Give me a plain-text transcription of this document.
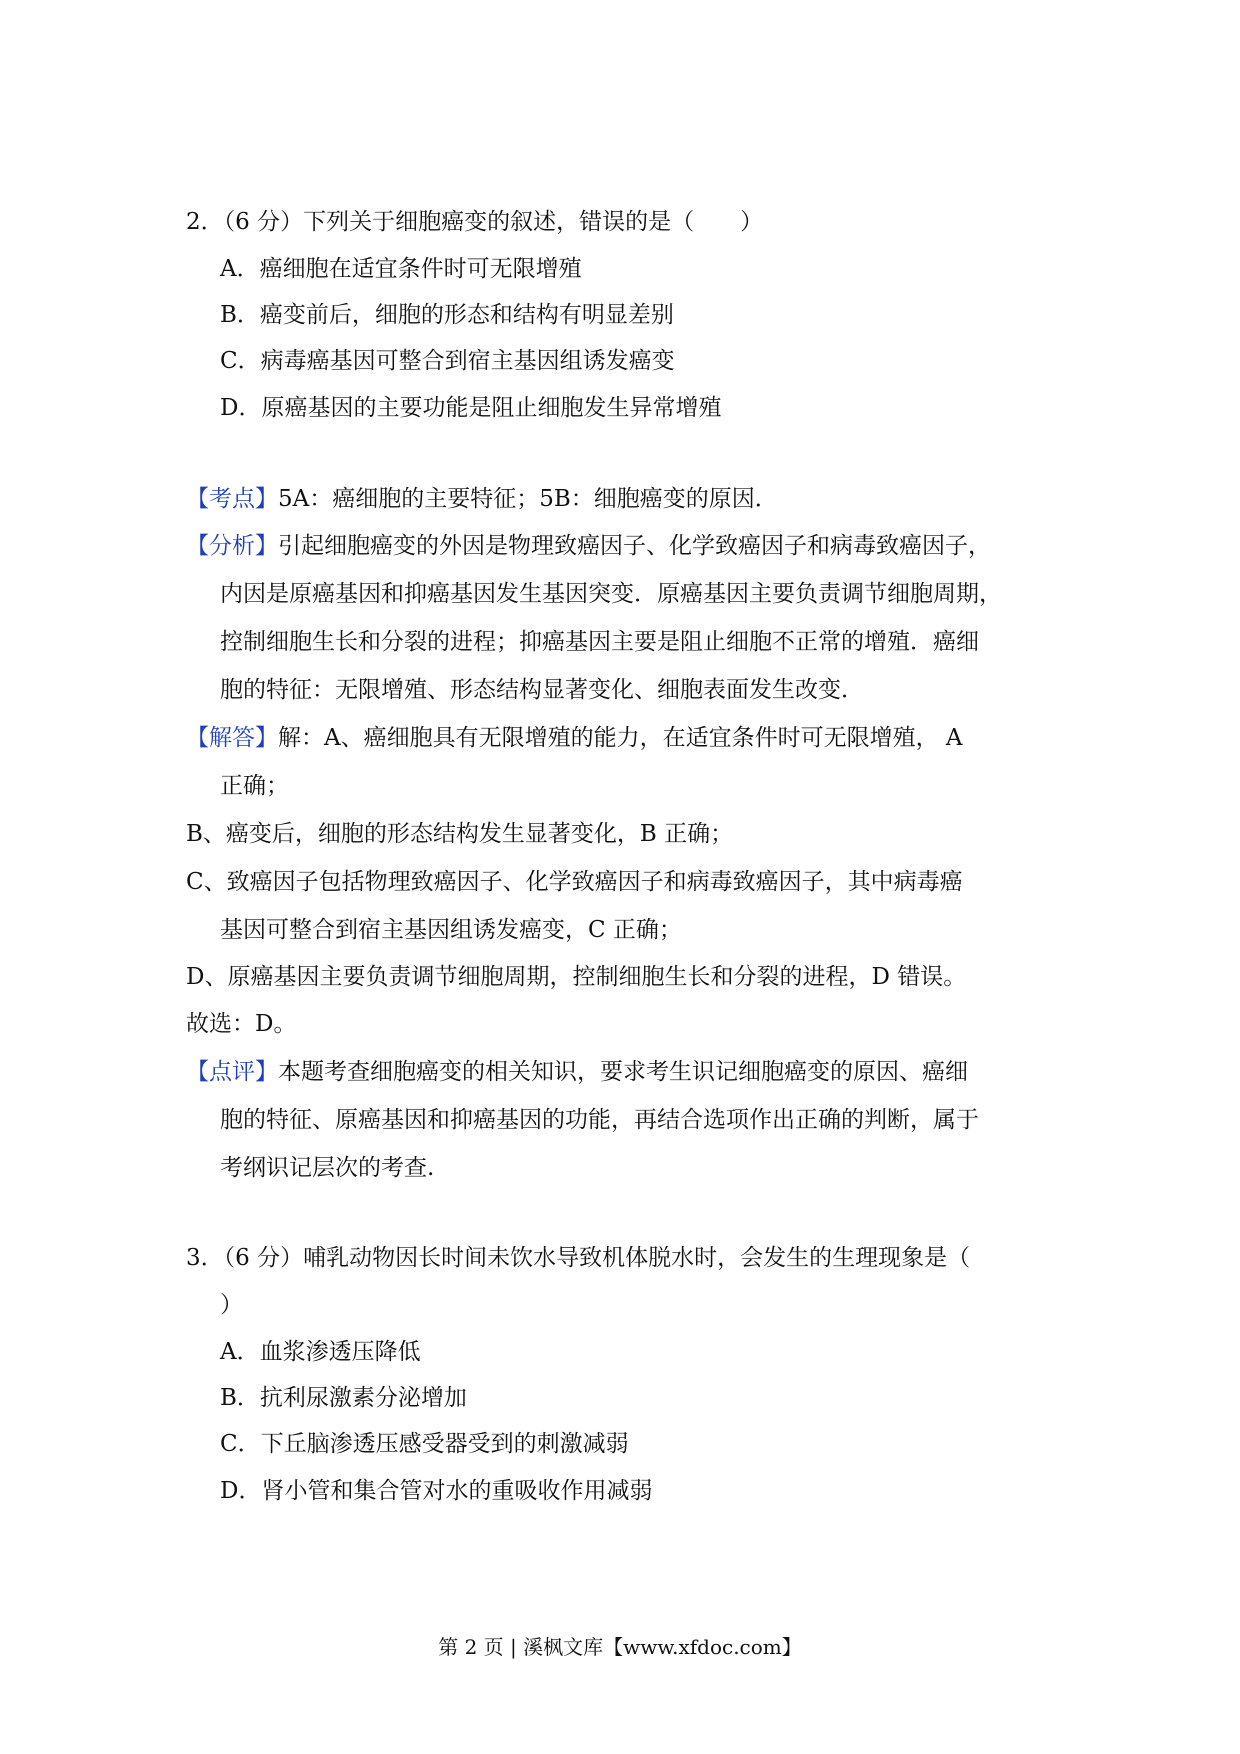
2．（6 分）下列关于细胞癌变的叙述，错误的是（　　）
A．癌细胞在适宜条件时可无限增殖
B．癌变前后，细胞的形态和结构有明显差别
C．病毒癌基因可整合到宿主基因组诱发癌变
D．原癌基因的主要功能是阻止细胞发生异常增殖
【考点】5A：癌细胞的主要特征；5B：细胞癌变的原因．
【分析】引起细胞癌变的外因是物理致癌因子、化学致癌因子和病毒致癌因子，
内因是原癌基因和抑癌基因发生基因突变．原癌基因主要负责调节细胞周期，
控制细胞生长和分裂的进程；抑癌基因主要是阻止细胞不正常的增殖．癌细
胞的特征：无限增殖、形态结构显著变化、细胞表面发生改变．
【解答】解：A、癌细胞具有无限增殖的能力，在适宜条件时可无限增殖， A
正确；
B、癌变后，细胞的形态结构发生显著变化，B 正确；
C、致癌因子包括物理致癌因子、化学致癌因子和病毒致癌因子，其中病毒癌
基因可整合到宿主基因组诱发癌变，C 正确；
D、原癌基因主要负责调节细胞周期，控制细胞生长和分裂的进程，D 错误。
故选：D。
【点评】本题考查细胞癌变的相关知识，要求考生识记细胞癌变的原因、癌细
胞的特征、原癌基因和抑癌基因的功能，再结合选项作出正确的判断，属于
考纲识记层次的考查.
3．（6 分）哺乳动物因长时间未饮水导致机体脱水时，会发生的生理现象是（
）
A．血浆渗透压降低
B．抗利尿激素分泌增加
C．下丘脑渗透压感受器受到的刺激减弱
D．肾小管和集合管对水的重吸收作用减弱
第 2 页 | 溪枫文库【www.xfdoc.com】
